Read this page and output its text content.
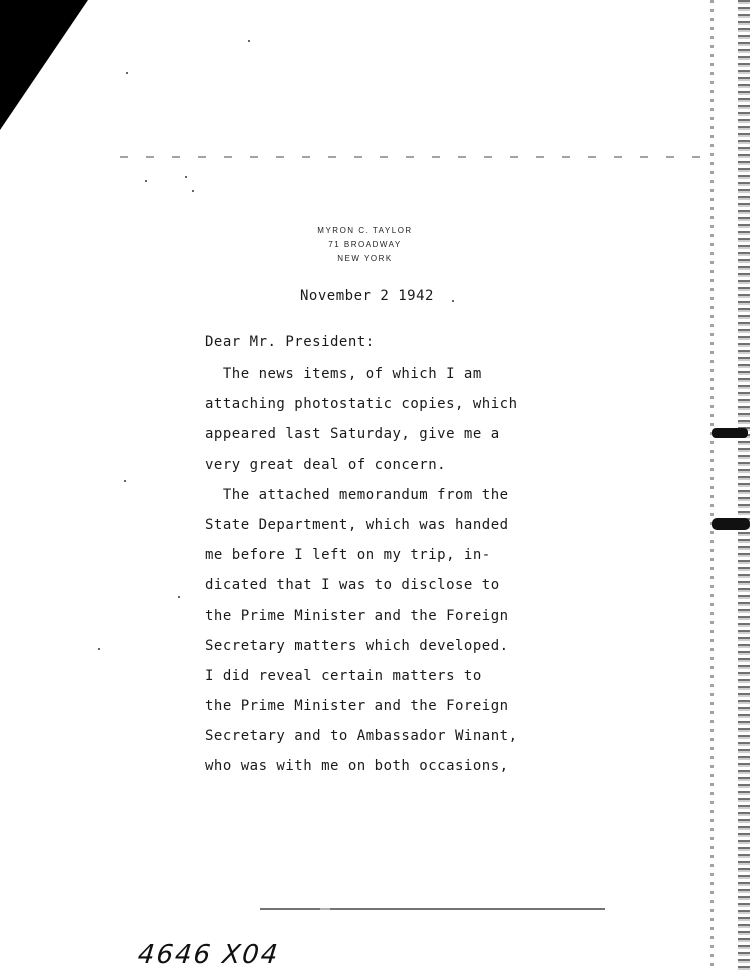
MYRON C. TAYLOR
71 BROADWAY
NEW YORK
November 2 1942
Dear Mr. President:
The news items, of which I am
attaching photostatic copies, which
appeared last Saturday, give me a
very great deal of concern.
The attached memorandum from the
State Department, which was handed
me before I left on my trip, in-
dicated that I was to disclose to
the Prime Minister and the Foreign
Secretary matters which developed.
I did reveal certain matters to
the Prime Minister and the Foreign
Secretary and to Ambassador Winant,
who was with me on both occasions,
4646 X04
